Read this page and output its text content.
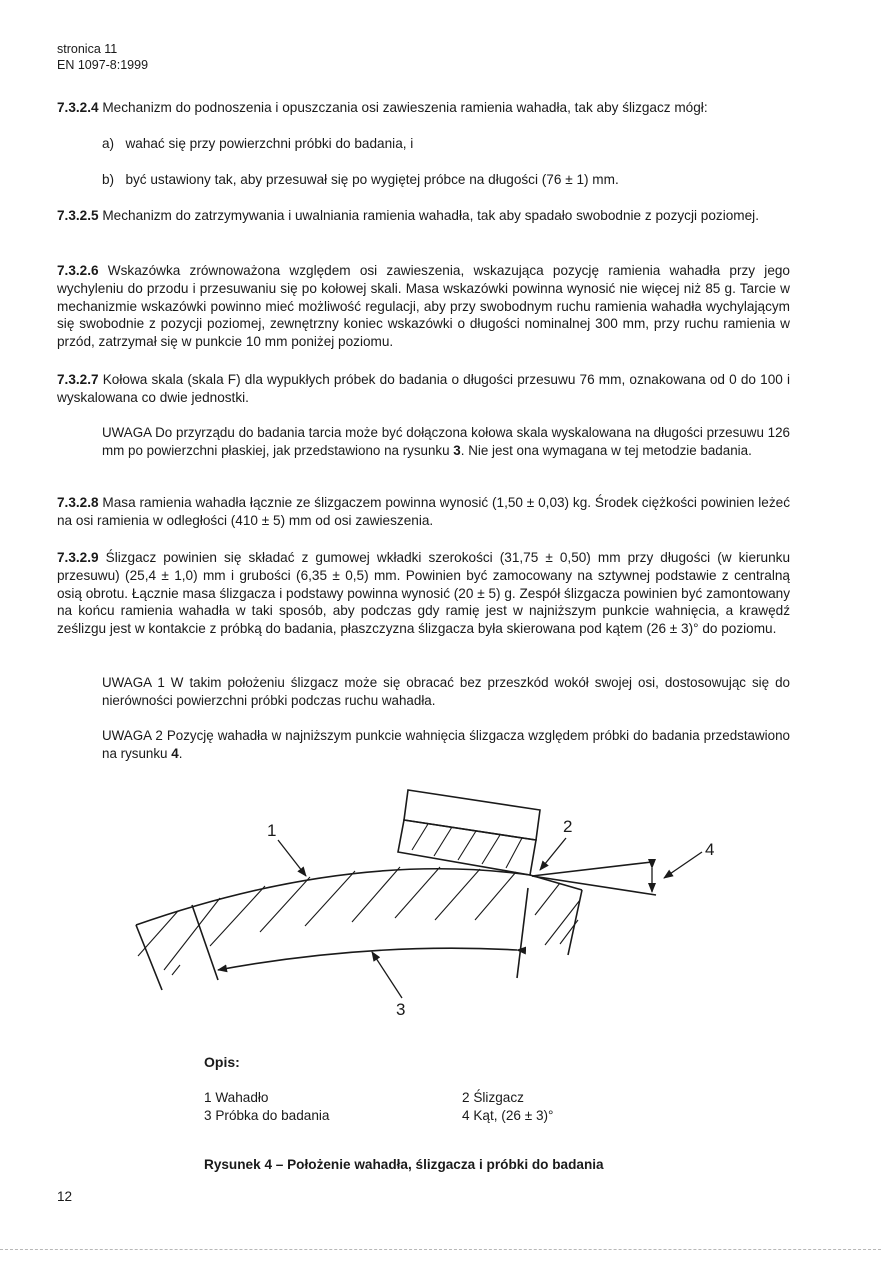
stronica 11
EN 1097-8:1999

7.3.2.4 Mechanizm do podnoszenia i opuszczania osi zawieszenia ramienia wahadła, tak aby ślizgacz mógł:

a) wahać się przy powierzchni próbki do badania, i
b) być ustawiony tak, aby przesuwał się po wygiętej próbce na długości (76 ± 1) mm.

7.3.2.5 Mechanizm do zatrzymywania i uwalniania ramienia wahadła, tak aby spadało swobodnie z pozycji poziomej.

7.3.2.6 Wskazówka zrównoważona względem osi zawieszenia, wskazująca pozycję ramienia wahadła przy jego wychyleniu do przodu i przesuwaniu się po kołowej skali. Masa wskazówki powinna wynosić nie więcej niż 85 g. Tarcie w mechanizmie wskazówki powinno mieć możliwość regulacji, aby przy swobodnym ruchu ramienia wahadła wychylającym się swobodnie z pozycji poziomej, zewnętrzny koniec wskazówki o długości nominalnej 300 mm, przy ruchu ramienia w przód, zatrzymał się w punkcie 10 mm poniżej poziomu.

7.3.2.7 Kołowa skala (skala F) dla wypukłych próbek do badania o długości przesuwu 76 mm, oznakowana od 0 do 100 i wyskalowana co dwie jednostki.

UWAGA Do przyrządu do badania tarcia może być dołączona kołowa skala wyskalowana na długości przesuwu 126 mm po powierzchni płaskiej, jak przedstawiono na rysunku 3. Nie jest ona wymagana w tej metodzie badania.

7.3.2.8 Masa ramienia wahadła łącznie ze ślizgaczem powinna wynosić (1,50 ± 0,03) kg. Środek ciężkości powinien leżeć na osi ramienia w odległości (410 ± 5) mm od osi zawieszenia.

7.3.2.9 Ślizgacz powinien się składać z gumowej wkładki szerokości (31,75 ± 0,50) mm przy długości (w kierunku przesuwu) (25,4 ± 1,0) mm i grubości (6,35 ± 0,5) mm. Powinien być zamocowany na sztywnej podstawie z centralną osią obrotu. Łącznie masa ślizgacza i podstawy powinna wynosić (20 ± 5) g. Zespół ślizgacza powinien być zamontowany na końcu ramienia wahadła w taki sposób, aby podczas gdy ramię jest w najniższym punkcie wahnięcia, a krawędź ześlizgu jest w kontakcie z próbką do badania, płaszczyzna ślizgacza była skierowana pod kątem (26 ± 3)° do poziomu.

UWAGA 1 W takim położeniu ślizgacz może się obracać bez przeszkód wokół swojej osi, dostosowując się do nierówności powierzchni próbki podczas ruchu wahadła.

UWAGA 2 Pozycję wahadła w najniższym punkcie wahnięcia ślizgacza względem próbki do badania przedstawiono na rysunku 4.

1	2
3
4
Opis:
1 Wahadło	2 Ślizgacz
3 Próbka do badania	4 Kąt, (26 ± 3)°
Rysunek 4 – Położenie wahadła, ślizgacza i próbki do badania
12
